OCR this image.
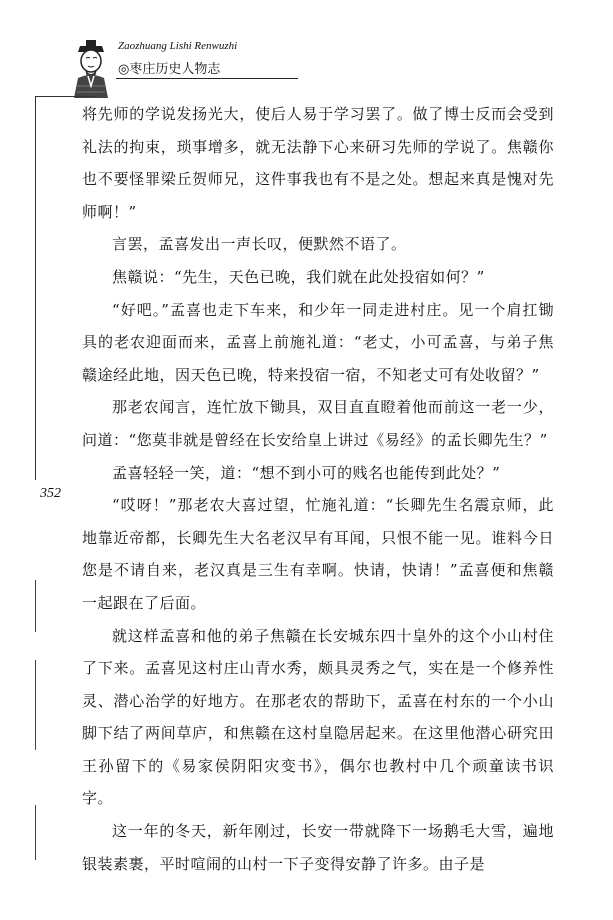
Zaozhuang Lishi Renwuzhi
◎枣庄历史人物志
352

将先师的学说发扬光大，使后人易于学习罢了。做了博士反而会受到礼法的拘束，琐事增多，就无法静下心来研习先师的学说了。焦赣你也不要怪罪梁丘贺师兄，这件事我也有不是之处。想起来真是愧对先师啊！”

言罢，孟喜发出一声长叹，便默然不语了。

焦赣说：“先生，天色已晚，我们就在此处投宿如何？”

“好吧。”孟喜也走下车来，和少年一同走进村庄。见一个肩扛锄具的老农迎面而来，孟喜上前施礼道：“老丈，小可孟喜，与弟子焦赣途经此地，因天色已晚，特来投宿一宿，不知老丈可有处收留？”

那老农闻言，连忙放下锄具，双目直直瞪着他而前这一老一少，问道：“您莫非就是曾经在长安给皇上讲过《易经》的孟长卿先生？”

孟喜轻轻一笑，道：“想不到小可的贱名也能传到此处？”

“哎呀！”那老农大喜过望，忙施礼道：“长卿先生名震京师，此地靠近帝都，长卿先生大名老汉早有耳闻，只恨不能一见。谁料今日您是不请自来，老汉真是三生有幸啊。快请，快请！”孟喜便和焦赣一起跟在了后面。

就这样孟喜和他的弟子焦赣在长安城东四十皇外的这个小山村住了下来。孟喜见这村庄山青水秀，颇具灵秀之气，实在是一个修养性灵、潜心治学的好地方。在那老农的帮助下，孟喜在村东的一个小山脚下结了两间草庐，和焦赣在这村皇隐居起来。在这里他潜心研究田王孙留下的《易家侯阴阳灾变书》，偶尔也教村中几个顽童读书识字。

这一年的冬天，新年刚过，长安一带就降下一场鹅毛大雪，遍地银装素裹，平时喧闹的山村一下子变得安静了许多。由子是
